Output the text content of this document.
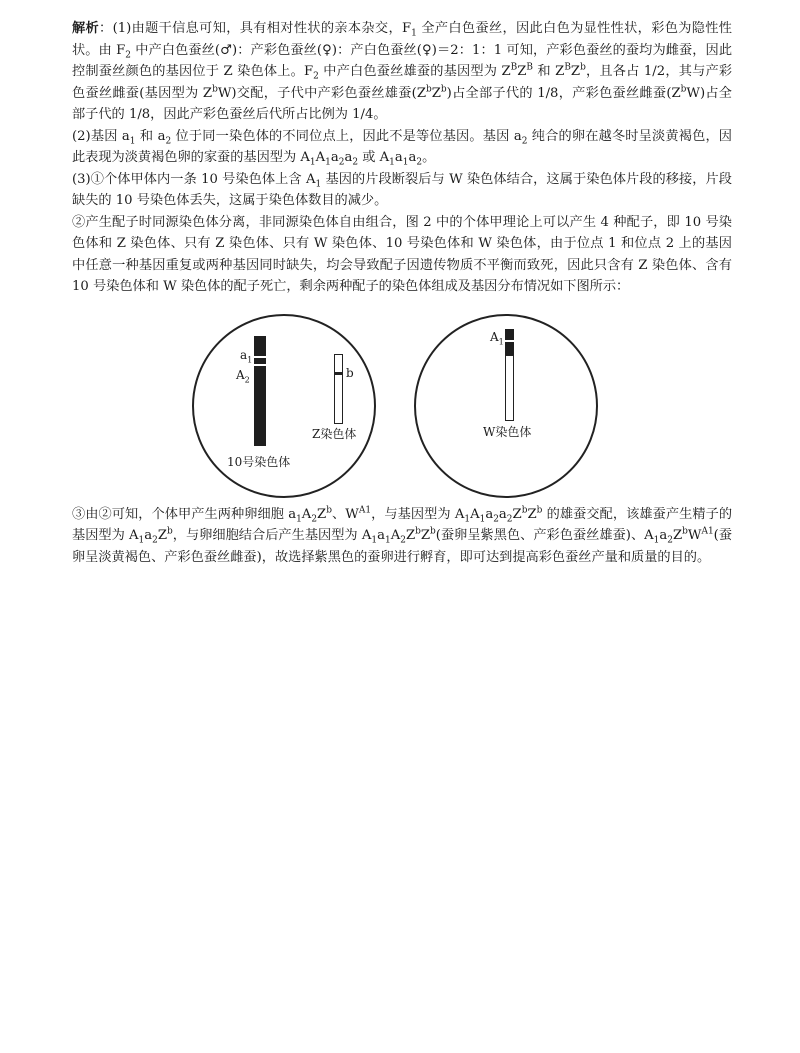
解析：(1)由题干信息可知，具有相对性状的亲本杂交，$F_1$ 全产白色蚕丝，因此白色为显性性状，彩色为隐性性状。由 $F_2$ 中产白色蚕丝(♂)：产彩色蚕丝(♀)：产白色蚕丝(♀)＝2：1：1 可知，产彩色蚕丝的蚕均为雌蚕，因此控制蚕丝颜色的基因位于 Z 染色体上。$F_2$ 中产白色蚕丝雄蚕的基因型为 $Z^BZ^B$ 和 $Z^BZ^b$，且各占 1/2，其与产彩色蚕丝雌蚕(基因型为 $Z^bW$)交配，子代中产彩色蚕丝雄蚕$(Z^bZ^b)$占全部子代的 1/8，产彩色蚕丝雌蚕$(Z^bW)$占全部子代的 1/8，因此产彩色蚕丝后代所占比例为 1/4。

(2)基因 $a_1$ 和 $a_2$ 位于同一染色体的不同位点上，因此不是等位基因。基因 $a_2$ 纯合的卵在越冬时呈淡黄褐色，因此表现为淡黄褐色卵的家蚕的基因型为 $A_1A_1a_2a_2$ 或 $A_1a_1a_2$。

(3)①个体甲体内一条 10 号染色体上含 $A_1$ 基因的片段断裂后与 W 染色体结合，这属于染色体片段的移接，片段缺失的 10 号染色体丢失，这属于染色体数目的减少。

②产生配子时同源染色体分离，非同源染色体自由组合，图 2 中的个体甲理论上可以产生 4 种配子，即 10 号染色体和 Z 染色体、只有 Z 染色体、只有 W 染色体、10 号染色体和 W 染色体，由于位点 1 和位点 2 上的基因中任意一种基因重复或两种基因同时缺失，均会导致配子因遗传物质不平衡而致死，因此只含有 Z 染色体、含有 10 号染色体和 W 染色体的配子死亡，剩余两种配子的染色体组成及基因分布情况如下图所示：

$a_1$
$A_2$
10号染色体
b
Z染色体
$A_1$
W染色体

③由②可知，个体甲产生两种卵细胞 $a_1A_2Z^b$、$W^{A1}$，与基因型为 $A_1A_1a_2a_2Z^bZ^b$ 的雄蚕交配，该雄蚕产生精子的基因型为 $A_1a_2Z^b$，与卵细胞结合后产生基因型为 $A_1a_1A_2Z^bZ^b$(蚕卵呈紫黑色、产彩色蚕丝雄蚕)、$A_1a_2Z^bW^{A1}$(蚕卵呈淡黄褐色、产彩色蚕丝雌蚕)，故选择紫黑色的蚕卵进行孵育，即可达到提高彩色蚕丝产量和质量的目的。
